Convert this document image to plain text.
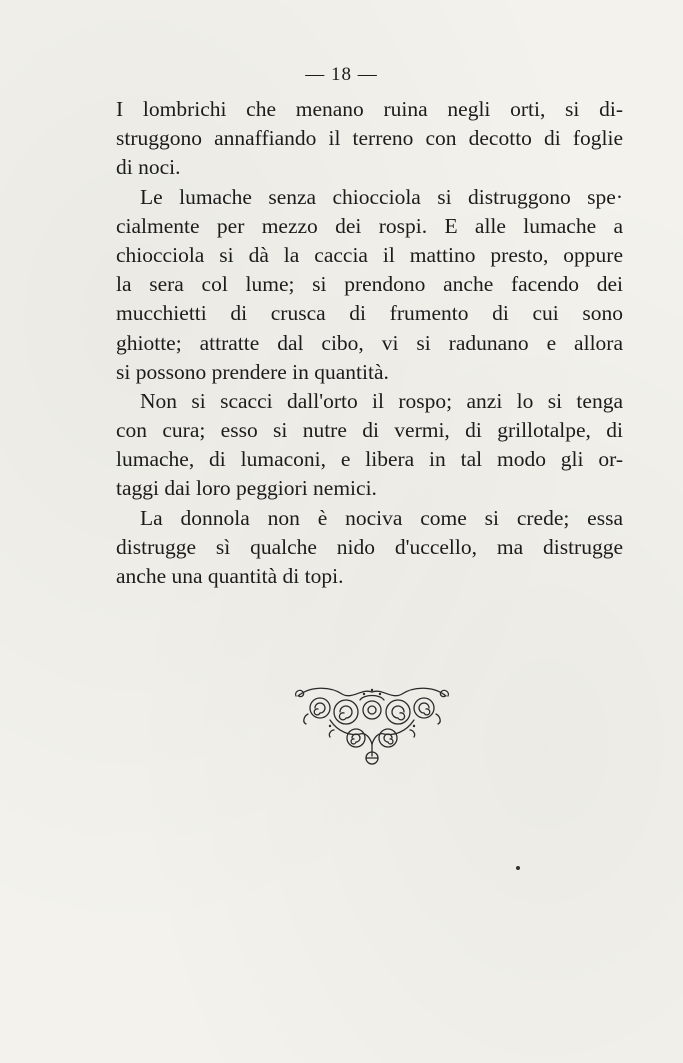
— 18 —
I lombrichi che menano ruina negli orti, si di-
struggono annaffiando il terreno con decotto di foglie
di noci.
Le lumache senza chiocciola si distruggono spe·
cialmente per mezzo dei rospi. E alle lumache a
chiocciola si dà la caccia il mattino presto, oppure
la sera col lume; si prendono anche facendo dei
mucchietti di crusca di frumento di cui sono
ghiotte; attratte dal cibo, vi si radunano e allora
si possono prendere in quantità.
Non si scacci dall'orto il rospo; anzi lo si tenga
con cura; esso si nutre di vermi, di grillotalpe, di
lumache, di lumaconi, e libera in tal modo gli or-
taggi dai loro peggiori nemici.
La donnola non è nociva come si crede; essa
distrugge sì qualche nido d'uccello, ma distrugge
anche una quantità di topi.
